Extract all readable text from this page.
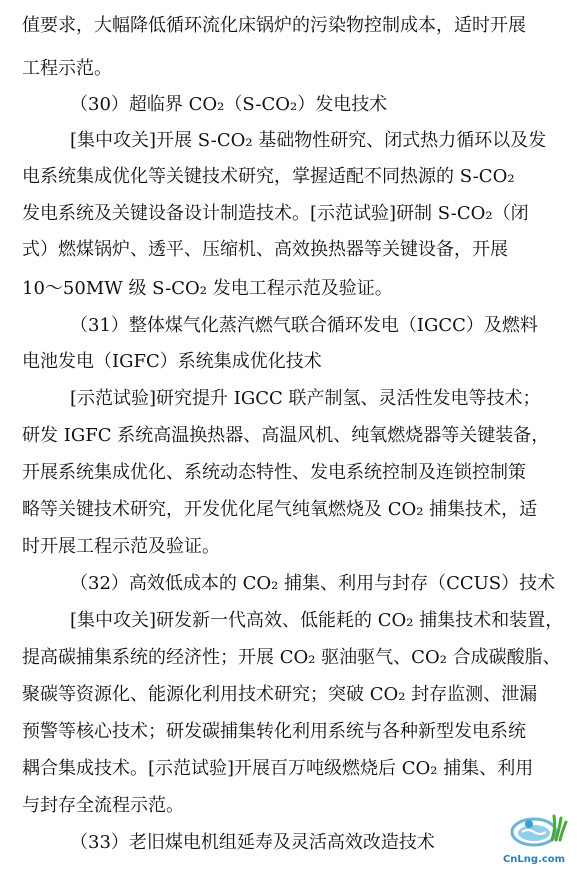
值要求，大幅降低循环流化床锅炉的污染物控制成本，适时开展
工程示范。
（30）超临界 CO₂（S-CO₂）发电技术
[集中攻关]开展 S-CO₂ 基础物性研究、闭式热力循环以及发
电系统集成优化等关键技术研究，掌握适配不同热源的 S-CO₂
发电系统及关键设备设计制造技术。[示范试验]研制 S-CO₂（闭
式）燃煤锅炉、透平、压缩机、高效换热器等关键设备，开展
10～50MW 级 S-CO₂ 发电工程示范及验证。
（31）整体煤气化蒸汽燃气联合循环发电（IGCC）及燃料
电池发电（IGFC）系统集成优化技术
[示范试验]研究提升 IGCC 联产制氢、灵活性发电等技术；
研发 IGFC 系统高温换热器、高温风机、纯氧燃烧器等关键装备，
开展系统集成优化、系统动态特性、发电系统控制及连锁控制策
略等关键技术研究，开发优化尾气纯氧燃烧及 CO₂ 捕集技术，适
时开展工程示范及验证。
（32）高效低成本的 CO₂ 捕集、利用与封存（CCUS）技术
[集中攻关]研发新一代高效、低能耗的 CO₂ 捕集技术和装置，
提高碳捕集系统的经济性；开展 CO₂ 驱油驱气、CO₂ 合成碳酸脂、
聚碳等资源化、能源化利用技术研究；突破 CO₂ 封存监测、泄漏
预警等核心技术；研发碳捕集转化利用系统与各种新型发电系统
耦合集成技术。[示范试验]开展百万吨级燃烧后 CO₂ 捕集、利用
与封存全流程示范。
（33）老旧煤电机组延寿及灵活高效改造技术
CnLng.com
